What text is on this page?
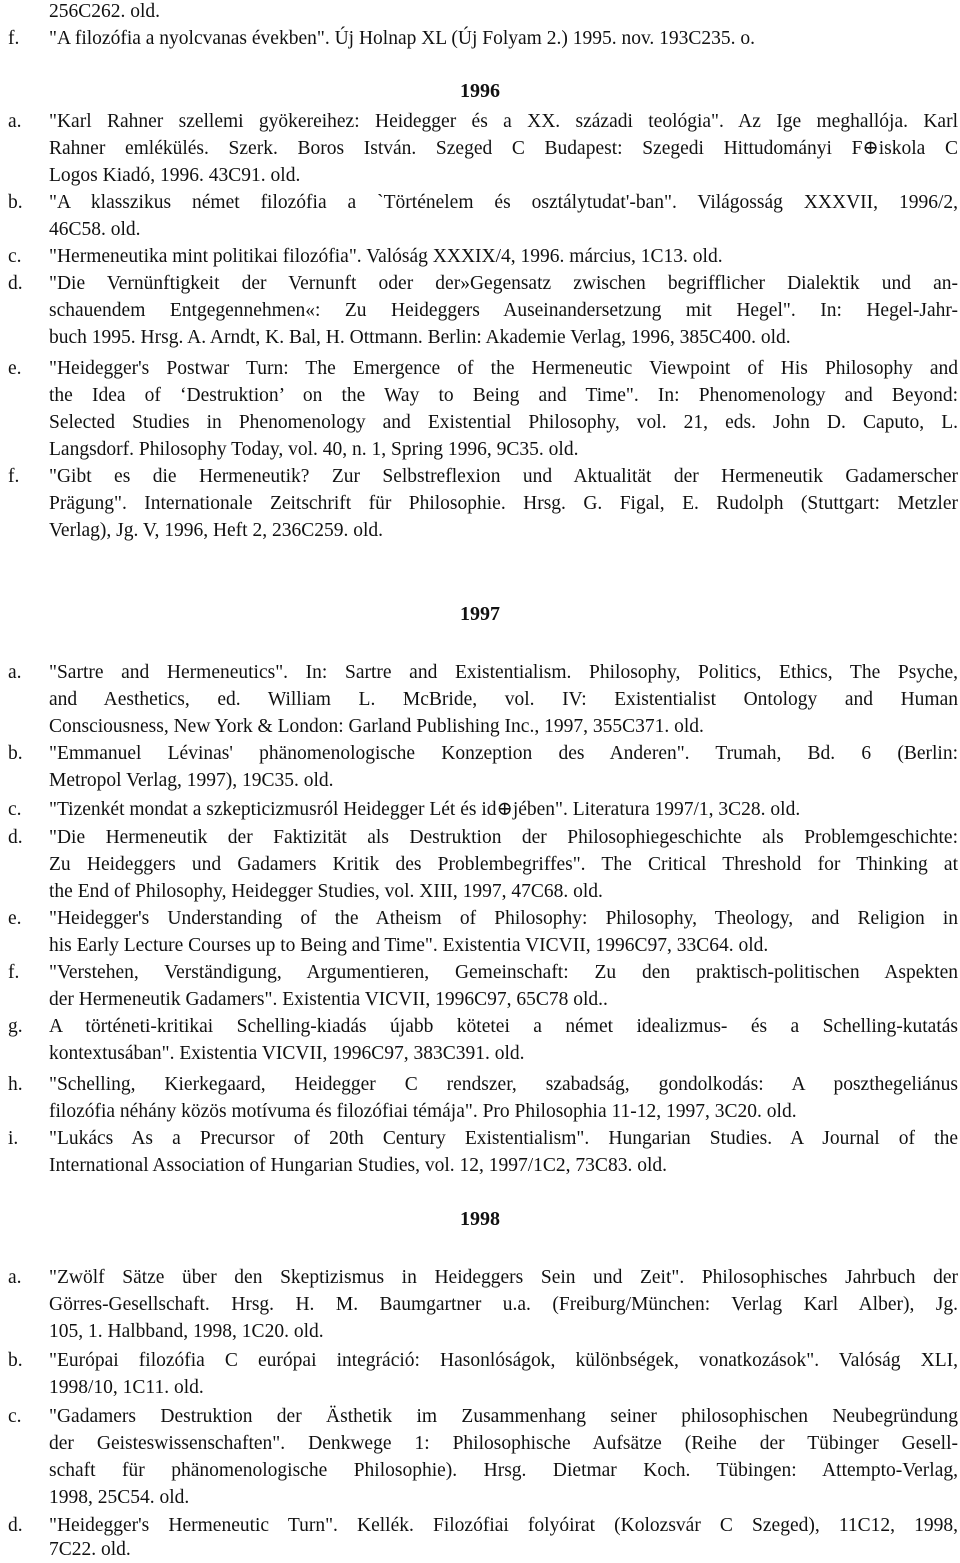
256C262. old.
f. "A filozófia a nyolcvanas években". Új Holnap XL (Új Folyam 2.) 1995. nov. 193C235. o.
1996
a. "Karl Rahner szellemi gyökereihez: Heidegger és a XX. századi teológia". Az Ige meghallója. Karl
Rahner emlékülés. Szerk. Boros István. Szeged C Budapest: Szegedi Hittudományi F⊕iskola C
Logos Kiadó, 1996. 43C91. old.
b. "A klasszikus német filozófia a `Történelem és osztálytudat'-ban". Világosság XXXVII, 1996/2,
46C58. old.
c. "Hermeneutika mint politikai filozófia". Valóság XXXIX/4, 1996. március, 1C13. old.
d. "Die Vernünftigkeit der Vernunft oder der»Gegensatz zwischen begrifflicher Dialektik und an-
schauendem Entgegennehmen«: Zu Heideggers Auseinandersetzung mit Hegel". In: Hegel-Jahr-
buch 1995. Hrsg. A. Arndt, K. Bal, H. Ottmann. Berlin: Akademie Verlag, 1996, 385C400. old.
e. "Heidegger's Postwar Turn: The Emergence of the Hermeneutic Viewpoint of His Philosophy and
the Idea of ‘Destruktion’ on the Way to Being and Time". In: Phenomenology and Beyond:
Selected Studies in Phenomenology and Existential Philosophy, vol. 21, eds. John D. Caputo, L.
Langsdorf. Philosophy Today, vol. 40, n. 1, Spring 1996, 9C35. old.
f. "Gibt es die Hermeneutik? Zur Selbstreflexion und Aktualität der Hermeneutik Gadamerscher
Prägung". Internationale Zeitschrift für Philosophie. Hrsg. G. Figal, E. Rudolph (Stuttgart: Metzler
Verlag), Jg. V, 1996, Heft 2, 236C259. old.
1997
a. "Sartre and Hermeneutics". In: Sartre and Existentialism. Philosophy, Politics, Ethics, The Psyche,
and Aesthetics, ed. William L. McBride, vol. IV: Existentialist Ontology and Human
Consciousness, New York & London: Garland Publishing Inc., 1997, 355C371. old.
b. "Emmanuel Lévinas' phänomenologische Konzeption des Anderen". Trumah, Bd. 6 (Berlin:
Metropol Verlag, 1997), 19C35. old.
c. "Tizenkét mondat a szkepticizmusról Heidegger Lét és id⊕jében". Literatura 1997/1, 3C28. old.
d. "Die Hermeneutik der Faktizität als Destruktion der Philosophiegeschichte als Problemgeschichte:
Zu Heideggers und Gadamers Kritik des Problembegriffes". The Critical Threshold for Thinking at
the End of Philosophy, Heidegger Studies, vol. XIII, 1997, 47C68. old.
e. "Heidegger's Understanding of the Atheism of Philosophy: Philosophy, Theology, and Religion in
his Early Lecture Courses up to Being and Time". Existentia VICVII, 1996C97, 33C64. old.
f. "Verstehen, Verständigung, Argumentieren, Gemeinschaft: Zu den praktisch-politischen Aspekten
der Hermeneutik Gadamers". Existentia VICVII, 1996C97, 65C78 old..
g. A történeti-kritikai Schelling-kiadás újabb kötetei a német idealizmus- és a Schelling-kutatás
kontextusában". Existentia VICVII, 1996C97, 383C391. old.
h. "Schelling, Kierkegaard, Heidegger C rendszer, szabadság, gondolkodás: A poszthegeliánus
filozófia néhány közös motívuma és filozófiai témája". Pro Philosophia 11-12, 1997, 3C20. old.
i. "Lukács As a Precursor of 20th Century Existentialism". Hungarian Studies. A Journal of the
International Association of Hungarian Studies, vol. 12, 1997/1C2, 73C83. old.
1998
a. "Zwölf Sätze über den Skeptizismus in Heideggers Sein und Zeit". Philosophisches Jahrbuch der
Görres-Gesellschaft. Hrsg. H. M. Baumgartner u.a. (Freiburg/München: Verlag Karl Alber), Jg.
105, 1. Halbband, 1998, 1C20. old.
b. "Európai filozófia C európai integráció: Hasonlóságok, különbségek, vonatkozások". Valóság XLI,
1998/10, 1C11. old.
c. "Gadamers Destruktion der Ästhetik im Zusammenhang seiner philosophischen Neubegründung
der Geisteswissenschaften". Denkwege 1: Philosophische Aufsätze (Reihe der Tübinger Gesell-
schaft für phänomenologische Philosophie). Hrsg. Dietmar Koch. Tübingen: Attempto-Verlag,
1998, 25C54. old.
d. "Heidegger's Hermeneutic Turn". Kellék. Filozófiai folyóirat (Kolozsvár C Szeged), 11C12, 1998,
7C22. old.
